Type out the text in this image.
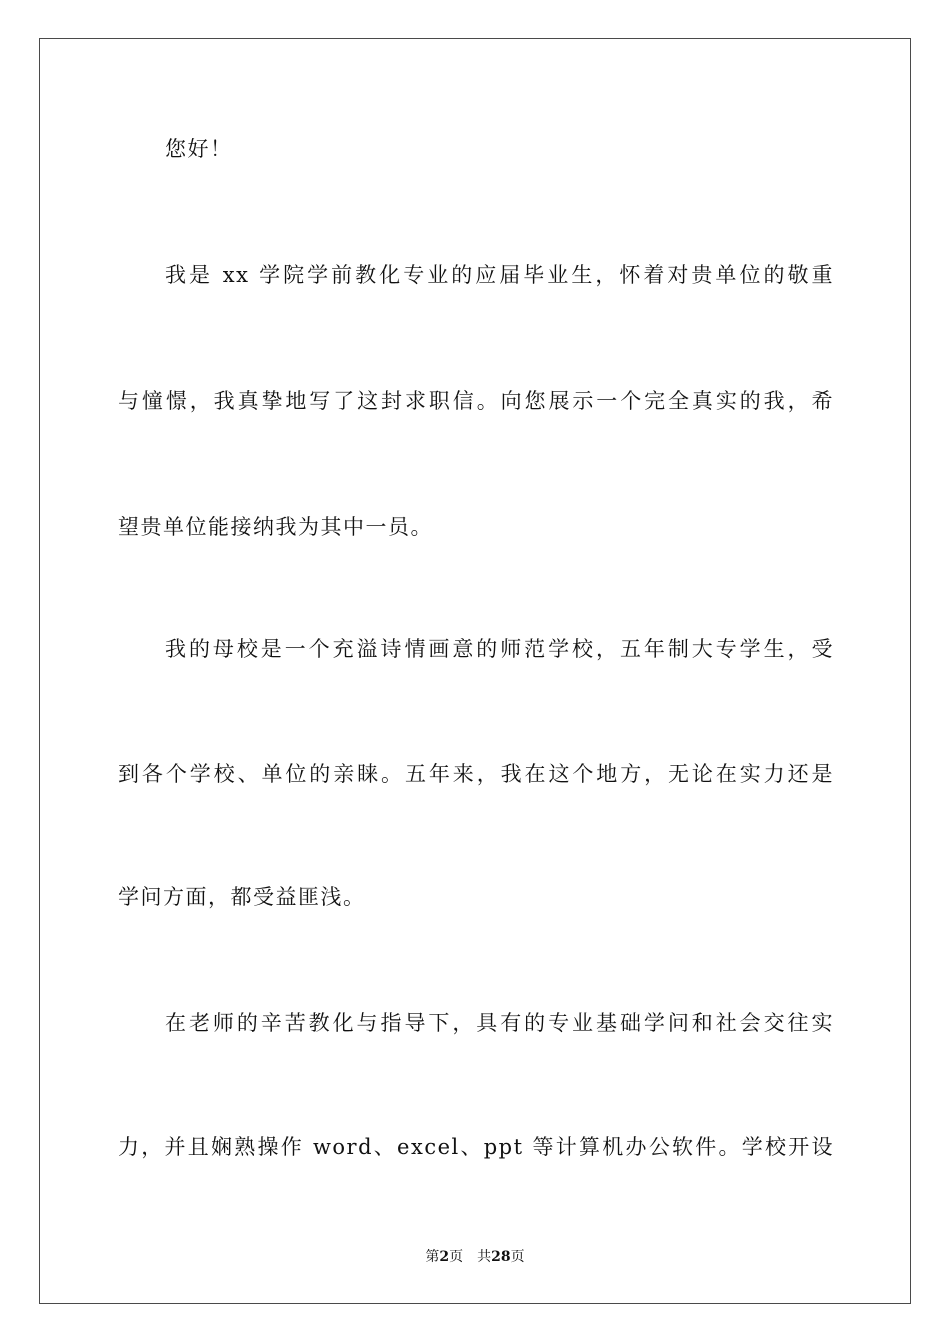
您好！
我是 xx 学院学前教化专业的应届毕业生，怀着对贵单位的敬重
与憧憬，我真挚地写了这封求职信。向您展示一个完全真实的我，希
望贵单位能接纳我为其中一员。
我的母校是一个充溢诗情画意的师范学校，五年制大专学生，受
到各个学校、单位的亲睐。五年来，我在这个地方，无论在实力还是
学问方面，都受益匪浅。
在老师的辛苦教化与指导下，具有的专业基础学问和社会交往实
力，并且娴熟操作 word、excel、ppt 等计算机办公软件。学校开设
第2页 共28页
